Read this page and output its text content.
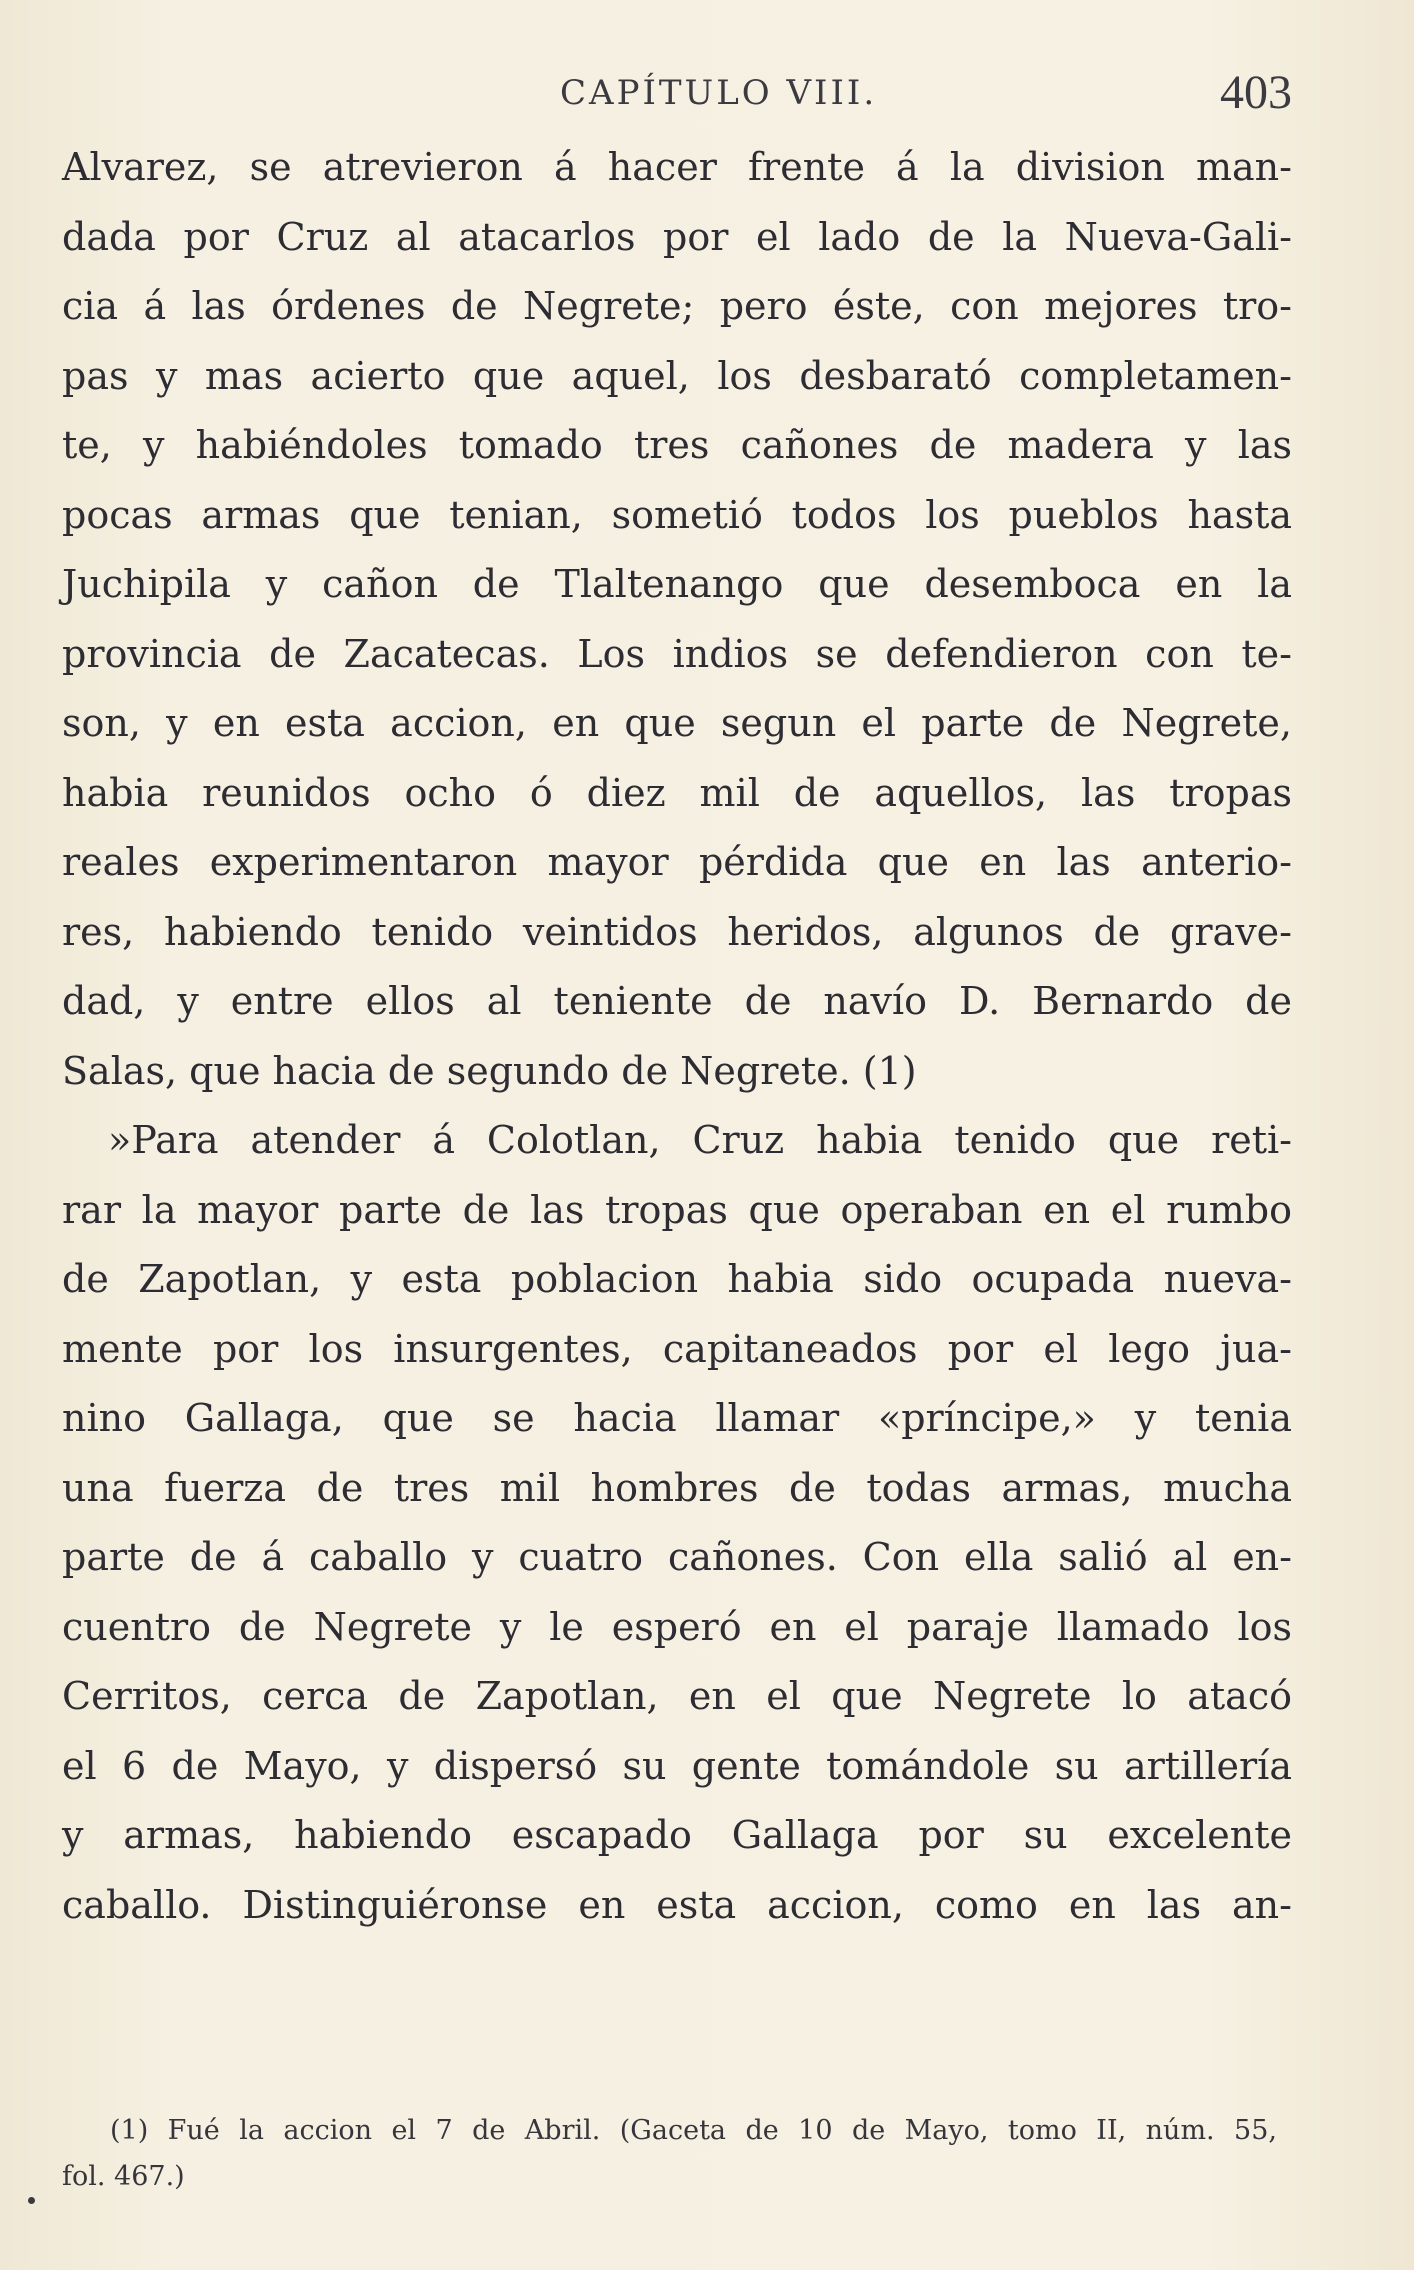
CAPÍTULO VIII.	403
Alvarez, se atrevieron á hacer frente á la division man-
dada por Cruz al atacarlos por el lado de la Nueva-Gali-
cia á las órdenes de Negrete; pero éste, con mejores tro-
pas y mas acierto que aquel, los desbarató completamen-
te, y habiéndoles tomado tres cañones de madera y las
pocas armas que tenian, sometió todos los pueblos hasta
Juchipila y cañon de Tlaltenango que desemboca en la
provincia de Zacatecas. Los indios se defendieron con te-
son, y en esta accion, en que segun el parte de Negrete,
habia reunidos ocho ó diez mil de aquellos, las tropas
reales experimentaron mayor pérdida que en las anterio-
res, habiendo tenido veintidos heridos, algunos de grave-
dad, y entre ellos al teniente de navío D. Bernardo de
Salas, que hacia de segundo de Negrete. (1)
»Para atender á Colotlan, Cruz habia tenido que reti-
rar la mayor parte de las tropas que operaban en el rumbo
de Zapotlan, y esta poblacion habia sido ocupada nueva-
mente por los insurgentes, capitaneados por el lego jua-
nino Gallaga, que se hacia llamar «príncipe,» y tenia
una fuerza de tres mil hombres de todas armas, mucha
parte de á caballo y cuatro cañones. Con ella salió al en-
cuentro de Negrete y le esperó en el paraje llamado los
Cerritos, cerca de Zapotlan, en el que Negrete lo atacó
el 6 de Mayo, y dispersó su gente tomándole su artillería
y armas, habiendo escapado Gallaga por su excelente
caballo. Distinguiéronse en esta accion, como en las an-
(1) Fué la accion el 7 de Abril. (Gaceta de 10 de Mayo, tomo II, núm. 55,
fol. 467.)
